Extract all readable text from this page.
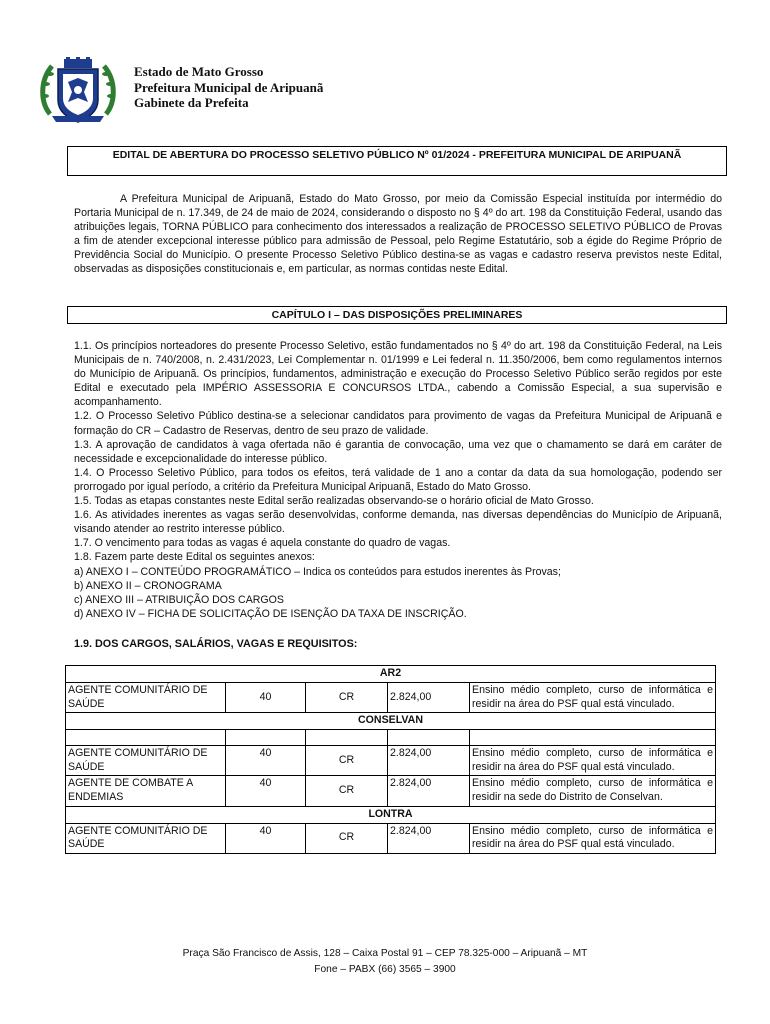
Estado de Mato Grosso
Prefeitura Municipal de Aripuanã
Gabinete da Prefeita
EDITAL DE ABERTURA DO PROCESSO SELETIVO PÚBLICO Nº 01/2024 - PREFEITURA MUNICIPAL DE ARIPUANÃ

A Prefeitura Municipal de Aripuanã, Estado do Mato Grosso, por meio da Comissão Especial instituída por intermédio do Portaria Municipal de n. 17.349, de 24 de maio de 2024, considerando o disposto no § 4º do art. 198 da Constituição Federal, usando das atribuições legais, TORNA PÚBLICO para conhecimento dos interessados a realização de PROCESSO SELETIVO PÚBLICO de Provas a fim de atender excepcional interesse público para admissão de Pessoal, pelo Regime Estatutário, sob a égide do Regime Próprio de Previdência Social do Município. O presente Processo Seletivo Público destina-se as vagas e cadastro reserva previstos neste Edital, observadas as disposições constitucionais e, em particular, as normas contidas neste Edital.

CAPÍTULO I – DAS DISPOSIÇÕES PRELIMINARES

1.1. Os princípios norteadores do presente Processo Seletivo, estão fundamentados no § 4º do art. 198 da Constituição Federal, na Leis Municipais de n. 740/2008, n. 2.431/2023, Lei Complementar n. 01/1999 e Lei federal n. 11.350/2006, bem como regulamentos internos do Município de Aripuanã. Os princípios, fundamentos, administração e execução do Processo Seletivo Público serão regidos por este Edital e executado pela IMPÉRIO ASSESSORIA E CONCURSOS LTDA., cabendo a Comissão Especial, a sua supervisão e acompanhamento.

1.2. O Processo Seletivo Público destina-se a selecionar candidatos para provimento de vagas da Prefeitura Municipal de Aripuanã e formação do CR – Cadastro de Reservas, dentro de seu prazo de validade.

1.3. A aprovação de candidatos à vaga ofertada não é garantia de convocação, uma vez que o chamamento se dará em caráter de necessidade e excepcionalidade do interesse público.

1.4. O Processo Seletivo Público, para todos os efeitos, terá validade de 1 ano a contar da data da sua homologação, podendo ser prorrogado por igual período, a critério da Prefeitura Municipal Aripuanã, Estado do Mato Grosso.

1.5. Todas as etapas constantes neste Edital serão realizadas observando-se o horário oficial de Mato Grosso.

1.6. As atividades inerentes as vagas serão desenvolvidas, conforme demanda, nas diversas dependências do Município de Aripuanã, visando atender ao restrito interesse público.

1.7. O vencimento para todas as vagas é aquela constante do quadro de vagas.

1.8. Fazem parte deste Edital os seguintes anexos:

a) ANEXO I – CONTEÚDO PROGRAMÁTICO – Indica os conteúdos para estudos inerentes às Provas;

b) ANEXO II – CRONOGRAMA

c) ANEXO III – ATRIBUIÇÃO DOS CARGOS

d) ANEXO IV – FICHA DE SOLICITAÇÃO DE ISENÇÃO DA TAXA DE INSCRIÇÃO.

1.9. DOS CARGOS, SALÁRIOS, VAGAS E REQUISITOS:
AR2				
AGENTE COMUNITÁRIO DE SAÚDE	40	CR	2.824,00	Ensino médio completo, curso de informática e residir na área do PSF qual está vinculado.
CONSELVAN				

AGENTE COMUNITÁRIO DE SAÚDE	40	CR	2.824,00	Ensino médio completo, curso de informática e residir na área do PSF qual está vinculado.
AGENTE DE COMBATE A ENDEMIAS	40	CR	2.824,00	Ensino médio completo, curso de informática e residir na sede do Distrito de Conselvan.
LONTRA				
AGENTE COMUNITÁRIO DE SAÚDE	40	CR	2.824,00	Ensino médio completo, curso de informática e residir na área do PSF qual está vinculado.
Praça São Francisco de Assis, 128 – Caixa Postal 91 – CEP 78.325-000 – Aripuanã – MT
Fone – PABX (66) 3565 – 3900
